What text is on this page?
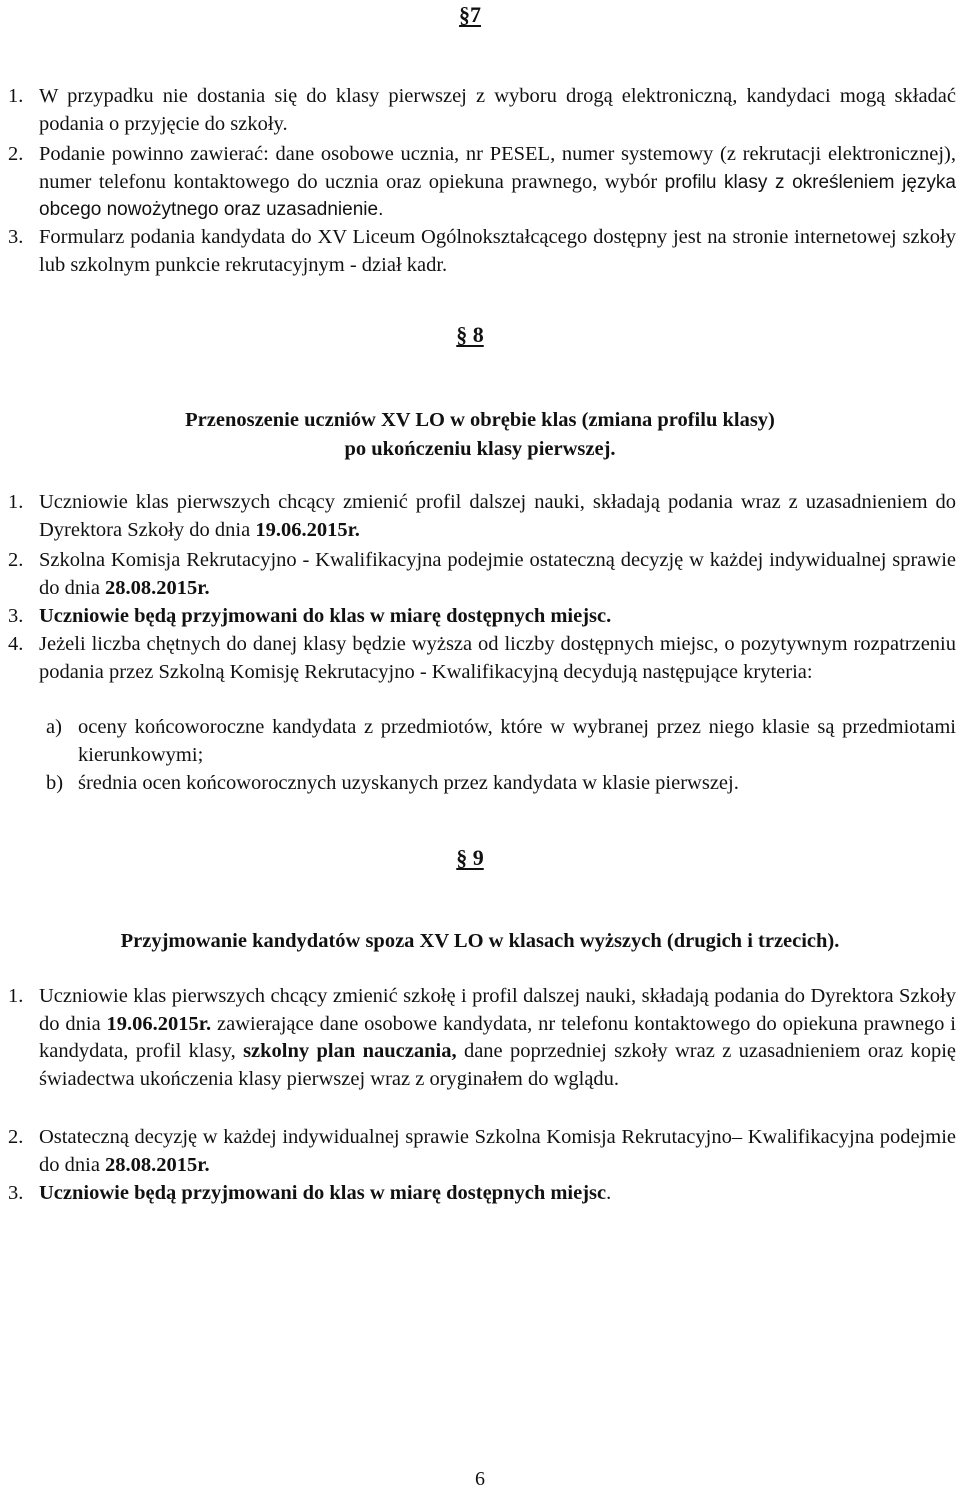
§7
1. W przypadku nie dostania się do klasy pierwszej z wyboru drogą elektroniczną, kandydaci mogą składać podania o przyjęcie do szkoły.
2. Podanie powinno zawierać: dane osobowe ucznia, nr PESEL, numer systemowy (z rekrutacji elektronicznej), numer telefonu kontaktowego do ucznia oraz opiekuna prawnego, wybór profilu klasy z określeniem języka obcego nowożytnego oraz uzasadnienie.
3. Formularz podania kandydata do XV Liceum Ogólnokształcącego dostępny jest na stronie internetowej szkoły lub szkolnym punkcie rekrutacyjnym - dział kadr.
§ 8
Przenoszenie uczniów XV LO w obrębie klas (zmiana profilu klasy)
po ukończeniu klasy pierwszej.
1. Uczniowie klas pierwszych chcący zmienić profil dalszej nauki, składają podania wraz z uzasadnieniem do Dyrektora Szkoły do dnia 19.06.2015r.
2. Szkolna Komisja Rekrutacyjno - Kwalifikacyjna podejmie ostateczną decyzję w każdej indywidualnej sprawie do dnia 28.08.2015r.
3. Uczniowie będą przyjmowani do klas w miarę dostępnych miejsc.
4. Jeżeli liczba chętnych do danej klasy będzie wyższa od liczby dostępnych miejsc, o pozytywnym rozpatrzeniu podania przez Szkolną Komisję Rekrutacyjno - Kwalifikacyjną decydują następujące kryteria:
a) oceny końcoworoczne kandydata z przedmiotów, które w wybranej przez niego klasie są przedmiotami kierunkowymi;
b) średnia ocen końcoworocznych uzyskanych przez kandydata w klasie pierwszej.
§ 9
Przyjmowanie kandydatów spoza XV LO w klasach wyższych (drugich i trzecich).
1. Uczniowie klas pierwszych chcący zmienić szkołę i profil dalszej nauki, składają podania do Dyrektora Szkoły do dnia 19.06.2015r. zawierające dane osobowe kandydata, nr telefonu kontaktowego do opiekuna prawnego i kandydata, profil klasy, szkolny plan nauczania, dane poprzedniej szkoły wraz z uzasadnieniem oraz kopię świadectwa ukończenia klasy pierwszej wraz z oryginałem do wglądu.
2. Ostateczną decyzję w każdej indywidualnej sprawie Szkolna Komisja Rekrutacyjno– Kwalifikacyjna podejmie do dnia 28.08.2015r.
3. Uczniowie będą przyjmowani do klas w miarę dostępnych miejsc.
6
